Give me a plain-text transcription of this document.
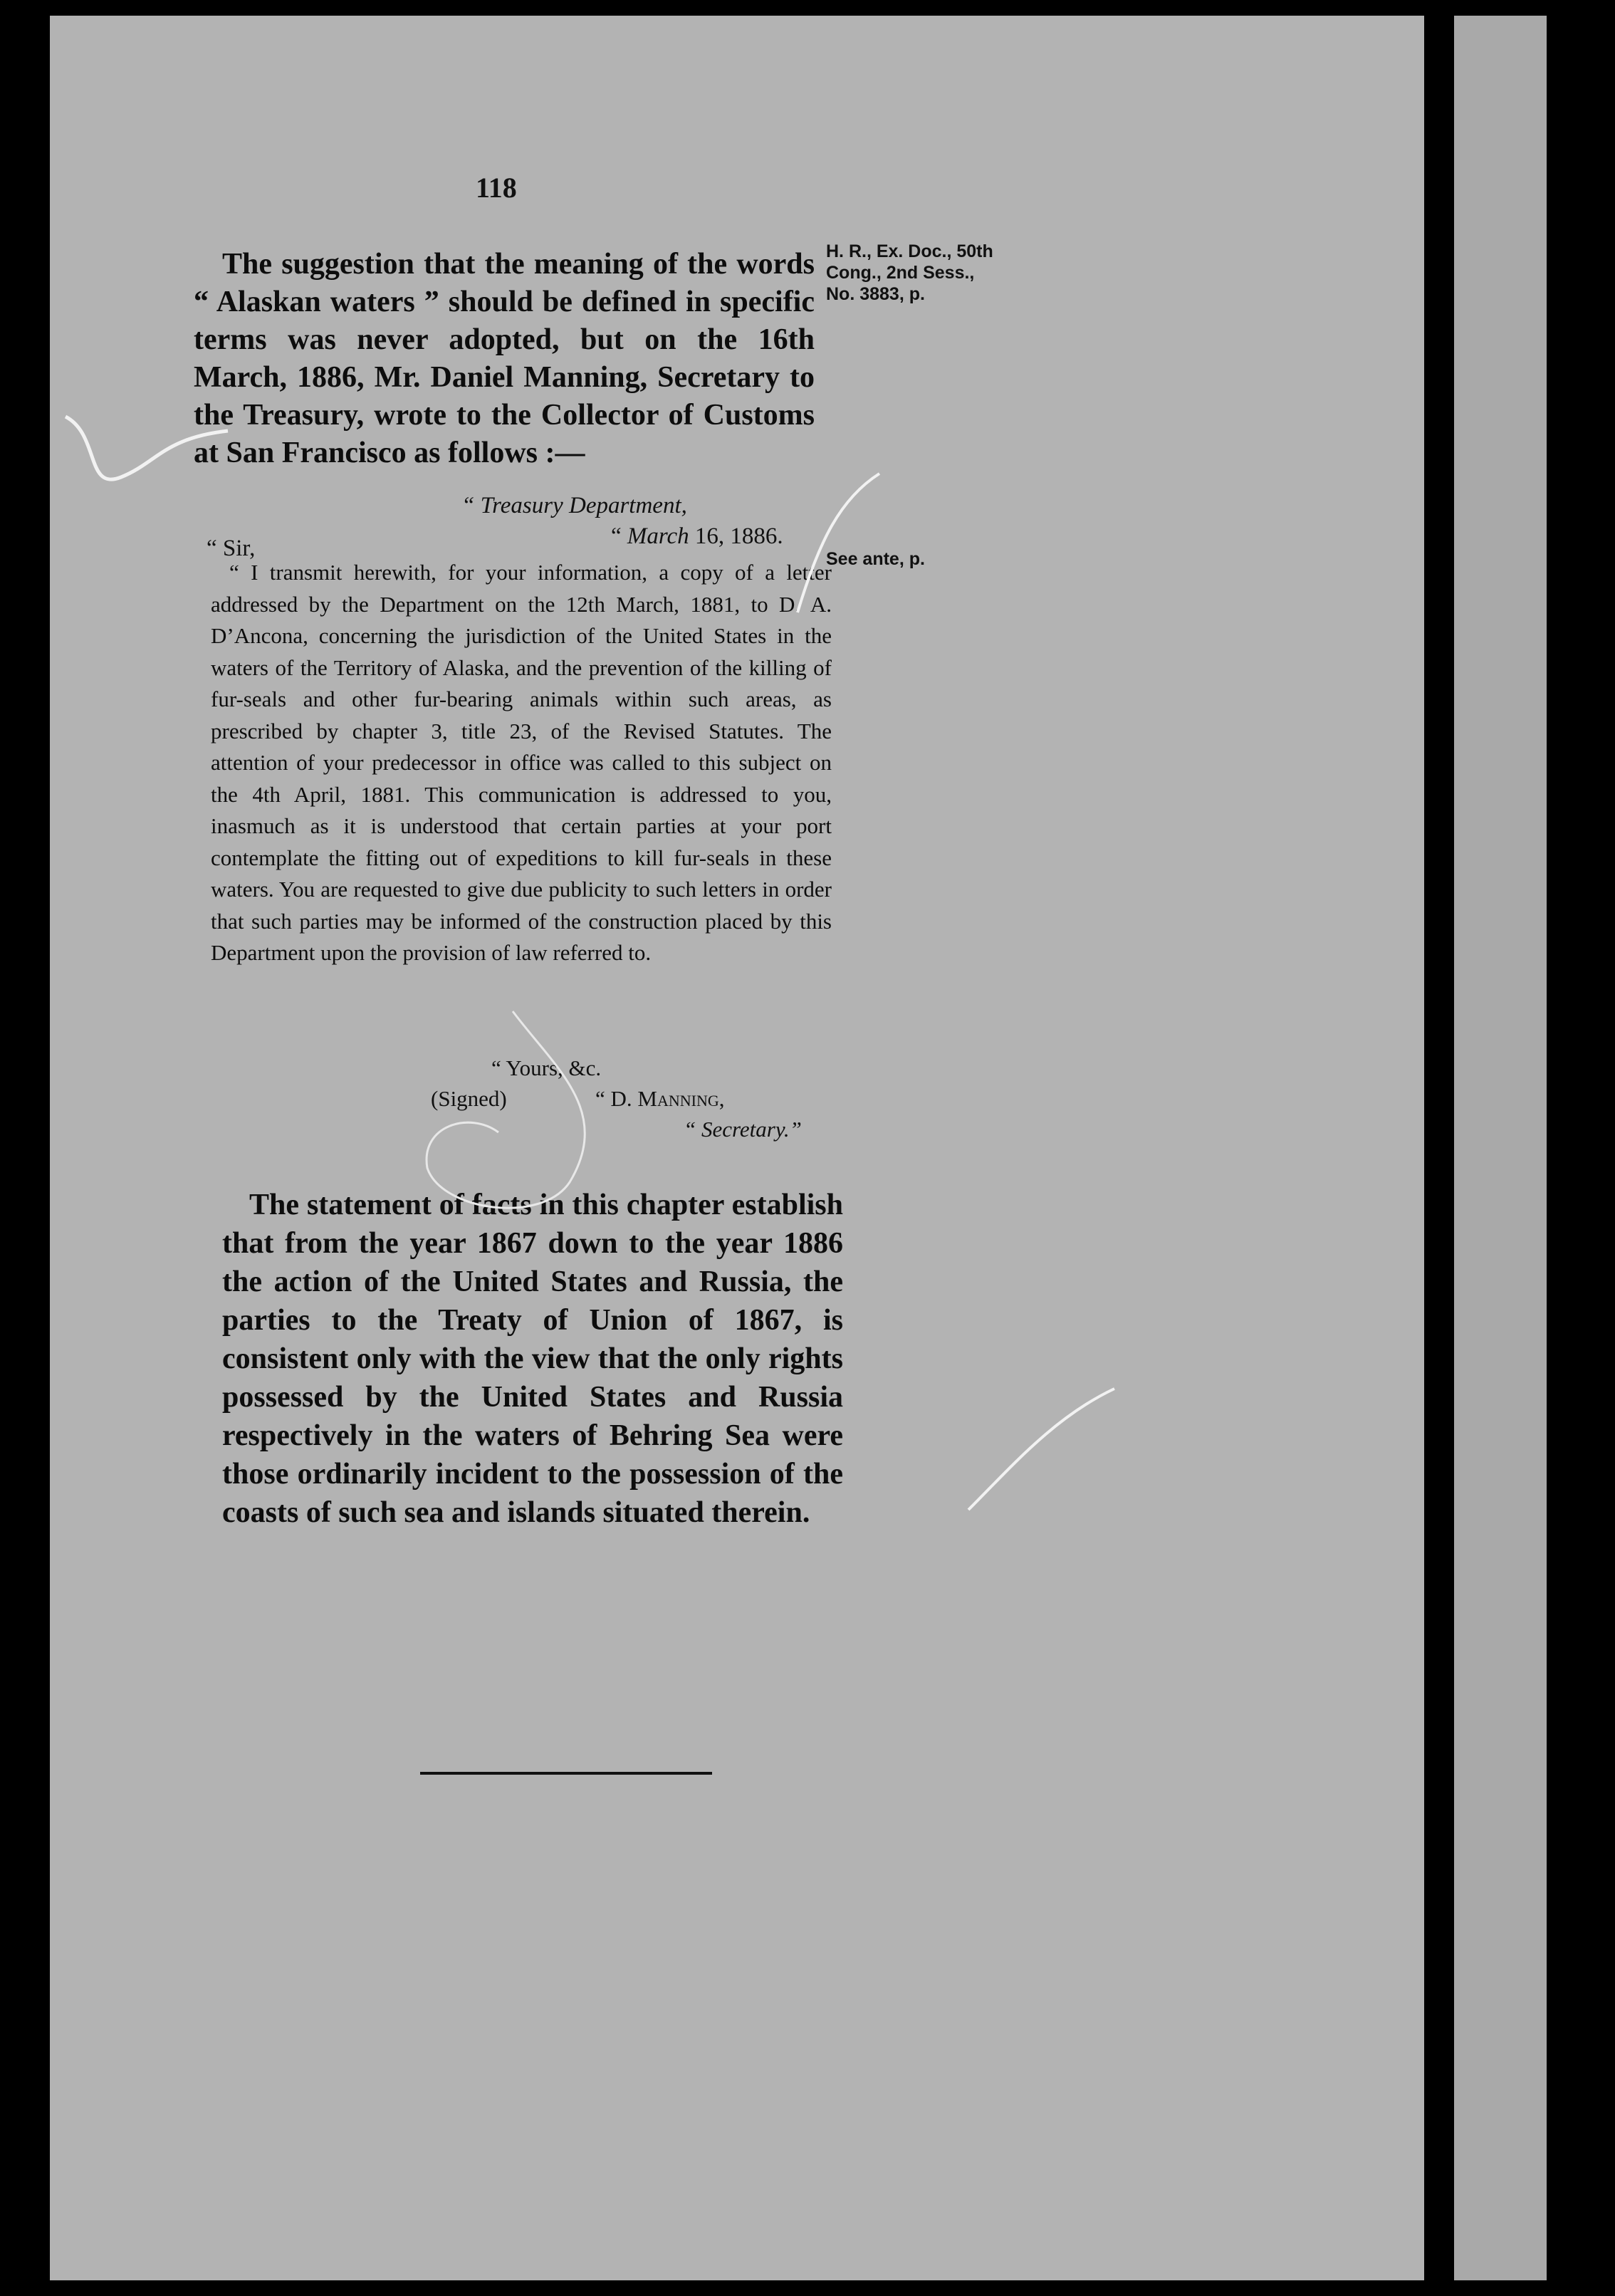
118

The suggestion that the meaning of the words “ Alaskan waters ” should be defined in specific terms was never adopted, but on the 16th March, 1886, Mr. Daniel Manning, Secretary to the Treasury, wrote to the Collector of Customs at San Francisco as follows :—

H. R., Ex. Doc., 50th Cong., 2nd Sess., No. 3883, p.
See ante, p.
“ Treasury Department,
“ March 16, 1886.
“ Sir,

“ I transmit herewith, for your information, a copy of a letter addressed by the Department on the 12th March, 1881, to D. A. D’Ancona, concerning the jurisdiction of the United States in the waters of the Territory of Alaska, and the prevention of the killing of fur-seals and other fur-bearing animals within such areas, as prescribed by chapter 3, title 23, of the Revised Statutes. The attention of your predecessor in office was called to this subject on the 4th April, 1881. This communication is addressed to you, inasmuch as it is understood that certain parties at your port contemplate the fitting out of expeditions to kill fur-seals in these waters. You are requested to give due publicity to such letters in order that such parties may be informed of the construction placed by this Department upon the provision of law referred to.

“ Yours, &c.
(Signed)	“ D. Manning,
“ Secretary.”

The statement of facts in this chapter establish that from the year 1867 down to the year 1886 the action of the United States and Russia, the parties to the Treaty of Union of 1867, is consistent only with the view that the only rights possessed by the United States and Russia respectively in the waters of Behring Sea were those ordinarily incident to the possession of the coasts of such sea and islands situated therein.
